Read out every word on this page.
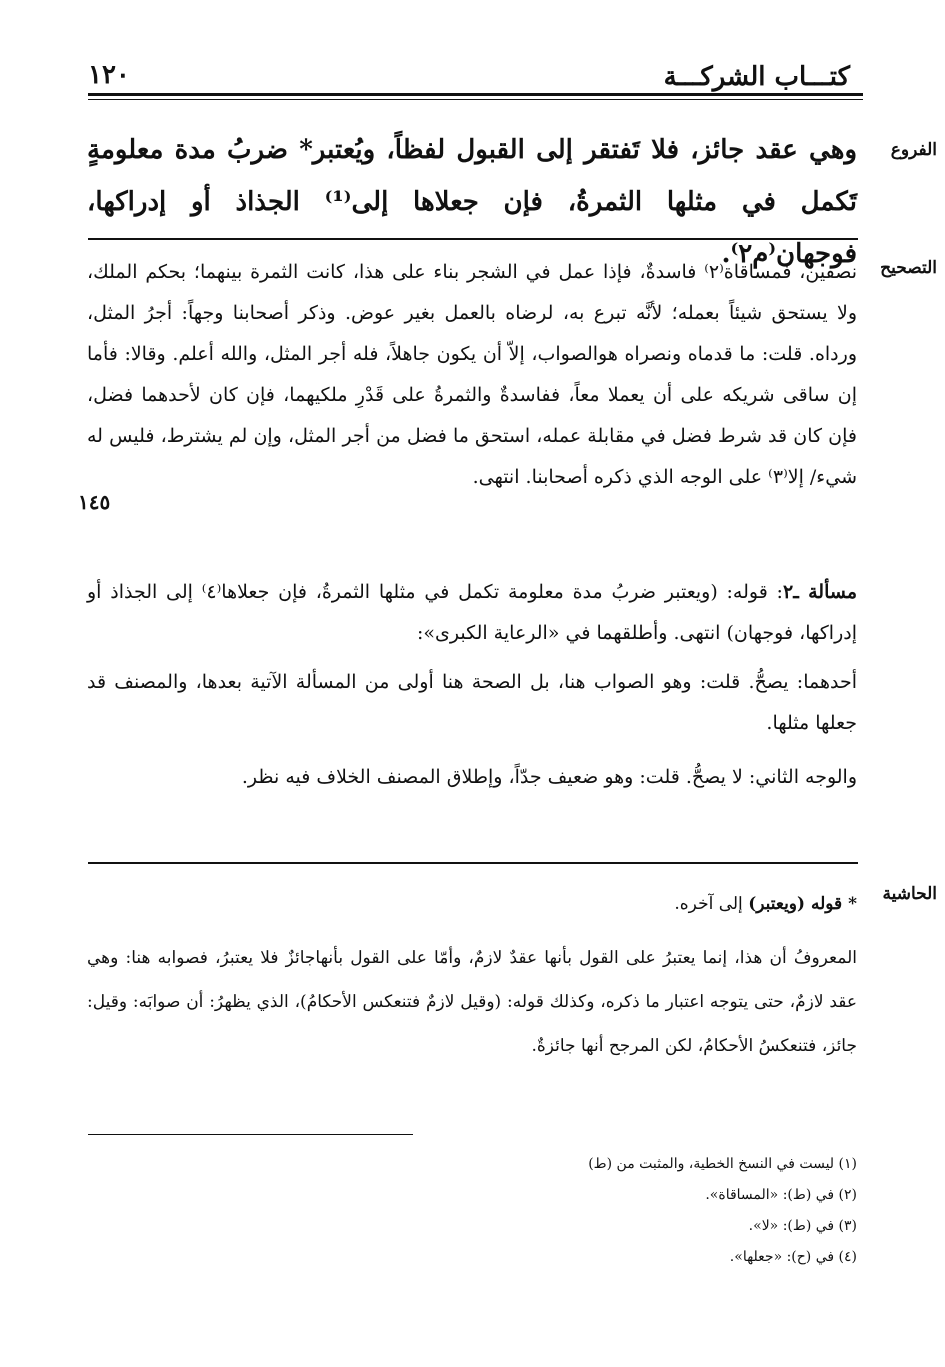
كتـــاب الشركـــة
١٢٠
الفروع
وهي عقد جائز، فلا تَفتقر إلى القبول لفظاً، ويُعتبر* ضربُ مدة معلومةٍ تَكمل في مثلها الثمرةُ، فإن جعلاها إلى⁽¹⁾ الجذاذ أو إدراكها، فوجهان⁽م٢⁾. التصحيح
نصفين، فمساقاة⁽٢⁾ فاسدةٌ، فإذا عمل في الشجر بناء على هذا، كانت الثمرة بينهما؛ بحكم الملك، ولا يستحق شيئاً بعمله؛ لأنَّه تبرع به، لرضاه بالعمل بغير عوض. وذكر أصحابنا وجهاً: أجرُ المثل، ورداه. قلت: ما قدماه ونصراه هوالصواب، إلاّ أن يكون جاهلاً، فله أجر المثل، والله أعلم. وقالا: فأما إن ساقى شريكه على أن يعملا معاً، ففاسدةٌ والثمرةُ على قَدْرِ ملكيهما، فإن كان لأحدهما فضل، فإن كان قد شرط فضل في مقابلة عمله، استحق ما فضل من أجر المثل، وإن لم يشترط، فليس له شيء/ إلا⁽٣⁾ على الوجه الذي ذكره أصحابنا. انتهى.
١٤٥
مسألة ـ٢: قوله: (ويعتبر ضربُ مدة معلومة تكمل في مثلها الثمرةُ، فإن جعلاها⁽٤⁾ إلى الجذاذ أو إدراكها، فوجهان) انتهى. وأطلقهما في «الرعاية الكبرى»:
أحدهما: يصحُّ. قلت: وهو الصواب هنا، بل الصحة هنا أولى من المسألة الآتية بعدها، والمصنف قد جعلها مثلها.
والوجه الثاني: لا يصحُّ. قلت: وهو ضعيف جدّاً، وإطلاق المصنف الخلاف فيه نظر.
الحاشية
* قوله (ويعتبر) إلى آخره.
المعروفُ أن هذا، إنما يعتبرُ على القول بأنها عقدٌ لازمٌ، وأمّا على القول بأنهاجائزٌ فلا يعتبرُ، فصوابه هنا: وهي عقد لازمٌ، حتى يتوجه اعتبار ما ذكره، وكذلك قوله: (وقيل لازمٌ فتنعكس الأحكامُ)، الذي يظهرُ: أن صوابَه: وقيل: جائز، فتنعكسُ الأحكامُ، لكن المرجح أنها جائزةٌ.
(١) ليست في النسخ الخطية، والمثبت من (ط)
(٢) في (ط): «المساقاة».
(٣) في (ط): «لا».
(٤) في (ح): «جعلها».
